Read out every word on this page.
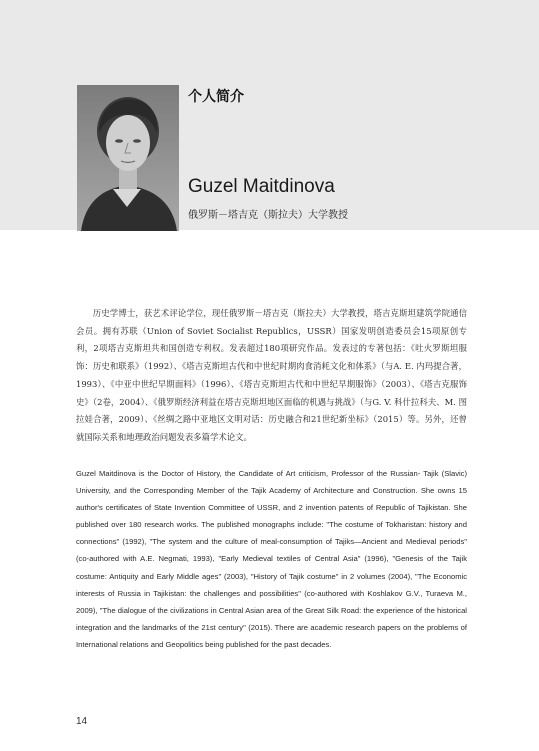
个人简介
Guzel Maitdinova
俄罗斯－塔吉克（斯拉夫）大学教授

历史学博士，获艺术评论学位，现任俄罗斯－塔吉克（斯拉夫）大学教授，塔吉克斯坦建筑学院通信会员。拥有苏联（Union of Soviet Socialist Republics，USSR）国家发明创造委员会15项原创专利，2项塔吉克斯坦共和国创造专利权。发表超过180项研究作品。发表过的专著包括：《吐火罗斯坦服饰：历史和联系》（1992）、《塔吉克斯坦古代和中世纪时期肉食消耗文化和体系》（与A. E. 内玛提合著，1993）、《中亚中世纪早期面料》（1996）、《塔吉克斯坦古代和中世纪早期服饰》（2003）、《塔吉克服饰史》（2卷，2004）、《俄罗斯经济利益在塔吉克斯坦地区面临的机遇与挑战》（与G. V. 科什拉科夫、M. 图拉娃合著，2009）、《丝绸之路中亚地区文明对话：历史融合和21世纪新坐标》（2015）等。另外，还曾就国际关系和地理政治问题发表多篇学术论文。

Guzel Maitdinova is the Doctor of History, the Candidate of Art criticism, Professor of the Russian- Tajik (Slavic) University, and the Corresponding Member of the Tajik Academy of Architecture and Construction. She owns 15 author's certificates of State Invention Committee of USSR, and 2 invention patents of Republic of Tajikistan. She published over 180 research works. The published monographs include: "The costume of Tokharistan: history and connections" (1992), "The system and the culture of meal-consumption of Tajiks—Ancient and Medieval periods" (co-authored with A.E. Negmati, 1993), "Early Medieval textiles of Central Asia" (1996), "Genesis of the Tajik costume: Antiquity and Early Middle ages" (2003), "History of Tajik costume" in 2 volumes (2004), "The Economic interests of Russia in Tajikistan: the challenges and possibilities" (co-authored with Koshlakov G.V., Turaeva M., 2009), "The dialogue of the civilizations in Central Asian area of the Great Silk Road: the experience of the historical integration and the landmarks of the 21st century" (2015). There are academic research papers on the problems of International relations and Geopolitics being published for the past decades.

14
